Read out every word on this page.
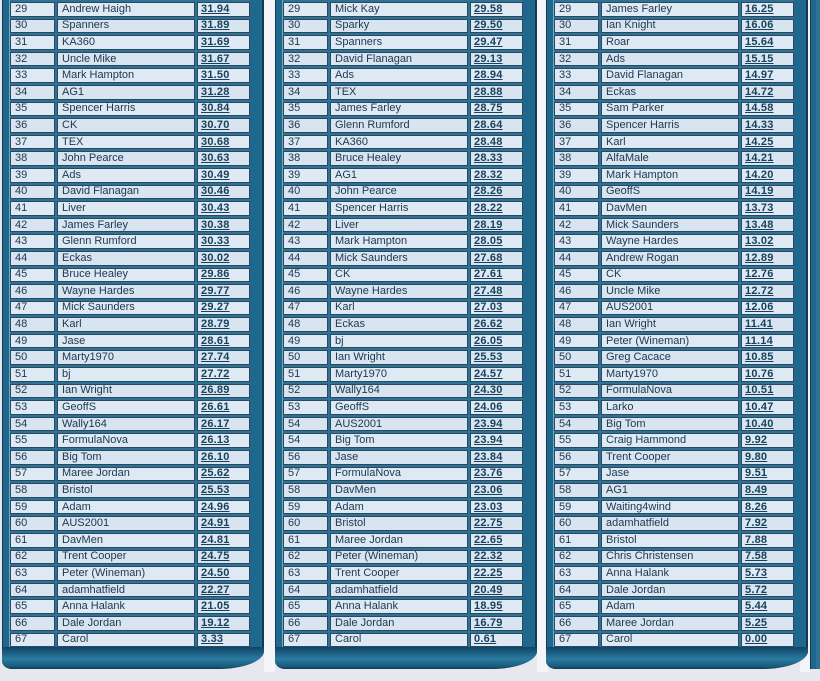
29	Andrew Haigh	31.94
30	Spanners	31.89
31	KA360	31.69
32	Uncle Mike	31.67
33	Mark Hampton	31.50
34	AG1	31.28
35	Spencer Harris	30.84
36	CK	30.70
37	TEX	30.68
38	John Pearce	30.63
39	Ads	30.49
40	David Flanagan	30.46
41	Liver	30.43
42	James Farley	30.38
43	Glenn Rumford	30.33
44	Eckas	30.02
45	Bruce Healey	29.86
46	Wayne Hardes	29.77
47	Mick Saunders	29.27
48	Karl	28.79
49	Jase	28.61
50	Marty1970	27.74
51	bj	27.72
52	Ian Wright	26.89
53	GeoffS	26.61
54	Wally164	26.17
55	FormulaNova	26.13
56	Big Tom	26.10
57	Maree Jordan	25.62
58	Bristol	25.53
59	Adam	24.96
60	AUS2001	24.91
61	DavMen	24.81
62	Trent Cooper	24.75
63	Peter (Wineman)	24.50
64	adamhatfield	22.27
65	Anna Halank	21.05
66	Dale Jordan	19.12
67	Carol	3.33
29	Mick Kay	29.58
30	Sparky	29.50
31	Spanners	29.47
32	David Flanagan	29.13
33	Ads	28.94
34	TEX	28.88
35	James Farley	28.75
36	Glenn Rumford	28.64
37	KA360	28.48
38	Bruce Healey	28.33
39	AG1	28.32
40	John Pearce	28.26
41	Spencer Harris	28.22
42	Liver	28.19
43	Mark Hampton	28.05
44	Mick Saunders	27.68
45	CK	27.61
46	Wayne Hardes	27.48
47	Karl	27.03
48	Eckas	26.62
49	bj	26.05
50	Ian Wright	25.53
51	Marty1970	24.57
52	Wally164	24.30
53	GeoffS	24.06
54	AUS2001	23.94
54	Big Tom	23.94
56	Jase	23.84
57	FormulaNova	23.76
58	DavMen	23.06
59	Adam	23.03
60	Bristol	22.75
61	Maree Jordan	22.65
62	Peter (Wineman)	22.32
63	Trent Cooper	22.25
64	adamhatfield	20.49
65	Anna Halank	18.95
66	Dale Jordan	16.79
67	Carol	0.61
29	James Farley	16.25
30	Ian Knight	16.06
31	Roar	15.64
32	Ads	15.15
33	David Flanagan	14.97
34	Eckas	14.72
35	Sam Parker	14.58
36	Spencer Harris	14.33
37	Karl	14.25
38	AlfaMale	14.21
39	Mark Hampton	14.20
40	GeoffS	14.19
41	DavMen	13.73
42	Mick Saunders	13.48
43	Wayne Hardes	13.02
44	Andrew Rogan	12.89
45	CK	12.76
46	Uncle Mike	12.72
47	AUS2001	12.06
48	Ian Wright	11.41
49	Peter (Wineman)	11.14
50	Greg Cacace	10.85
51	Marty1970	10.76
52	FormulaNova	10.51
53	Larko	10.47
54	Big Tom	10.40
55	Craig Hammond	9.92
56	Trent Cooper	9.80
57	Jase	9.51
58	AG1	8.49
59	Waiting4wind	8.26
60	adamhatfield	7.92
61	Bristol	7.88
62	Chris Christensen	7.58
63	Anna Halank	5.73
64	Dale Jordan	5.72
65	Adam	5.44
66	Maree Jordan	5.25
67	Carol	0.00
